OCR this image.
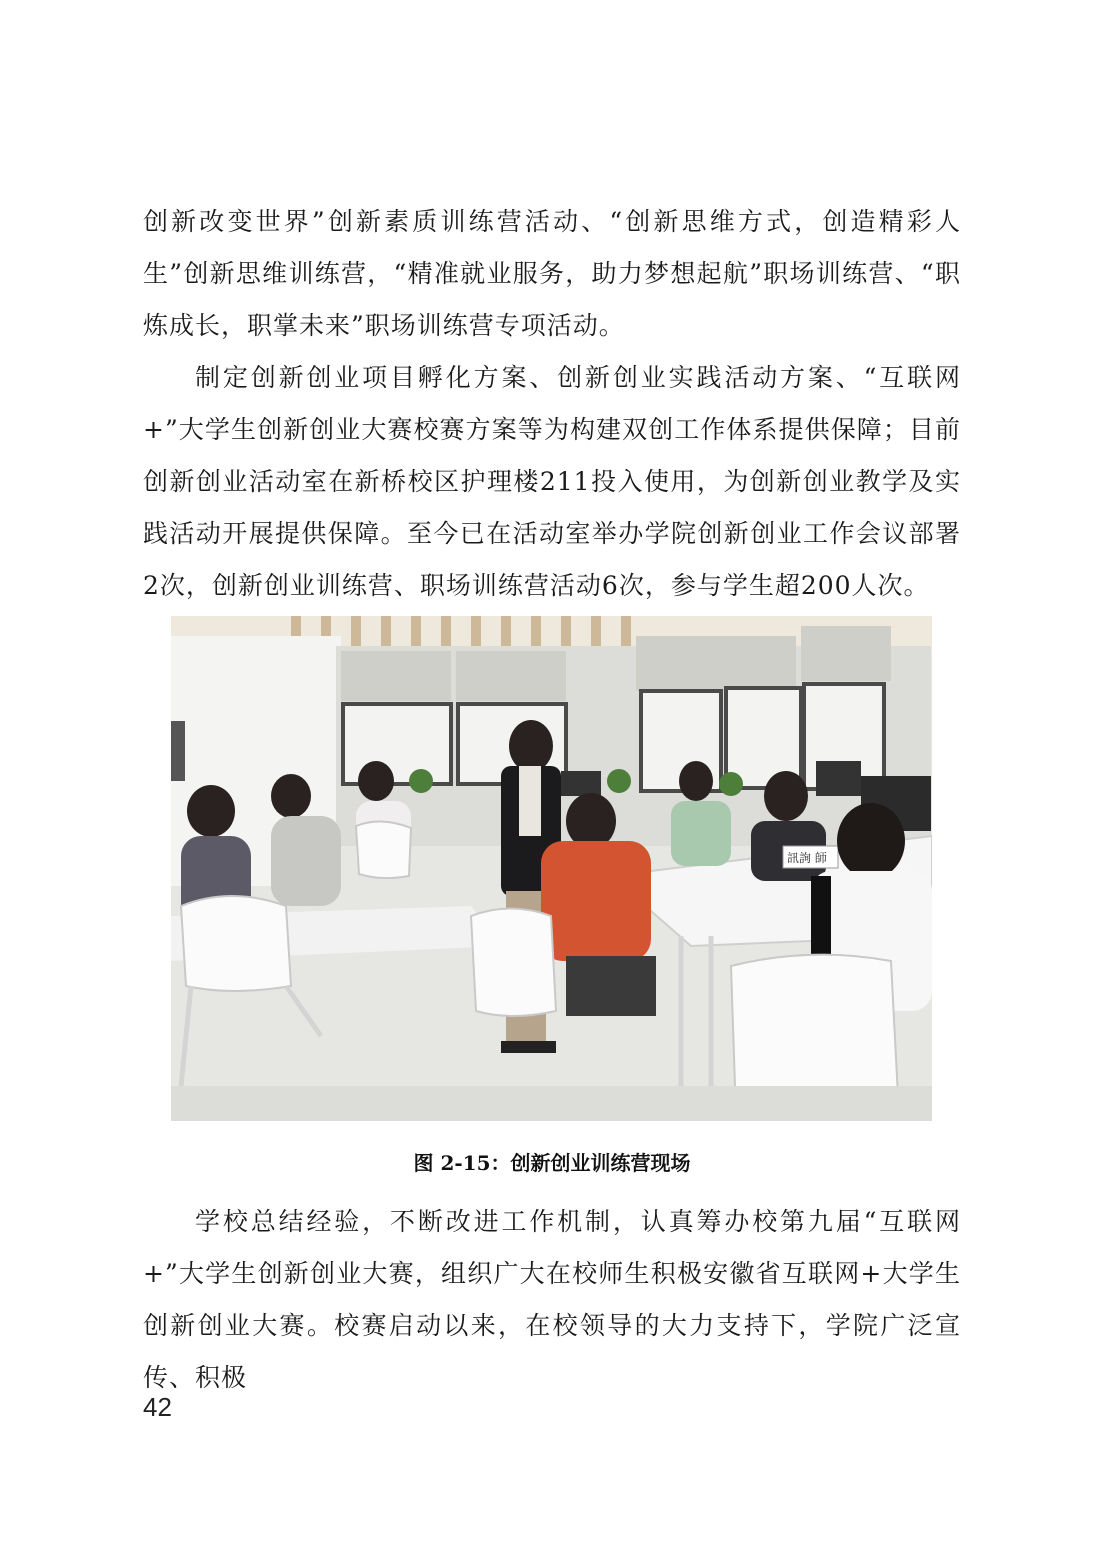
创新改变世界”创新素质训练营活动、“创新思维方式，创造精彩人生”创新思维训练营，“精准就业服务，助力梦想起航”职场训练营、“职炼成长，职掌未来”职场训练营专项活动。

制定创新创业项目孵化方案、创新创业实践活动方案、“互联网+”大学生创新创业大赛校赛方案等为构建双创工作体系提供保障；目前创新创业活动室在新桥校区护理楼211投入使用，为创新创业教学及实践活动开展提供保障。至今已在活动室举办学院创新创业工作会议部署2次，创新创业训练营、职场训练营活动6次，参与学生超200人次。

訊詢 師
图 2-15：创新创业训练营现场

学校总结经验，不断改进工作机制，认真筹办校第九届“互联网+”大学生创新创业大赛，组织广大在校师生积极安徽省互联网+大学生创新创业大赛。校赛启动以来，在校领导的大力支持下，学院广泛宣传、积极

42
